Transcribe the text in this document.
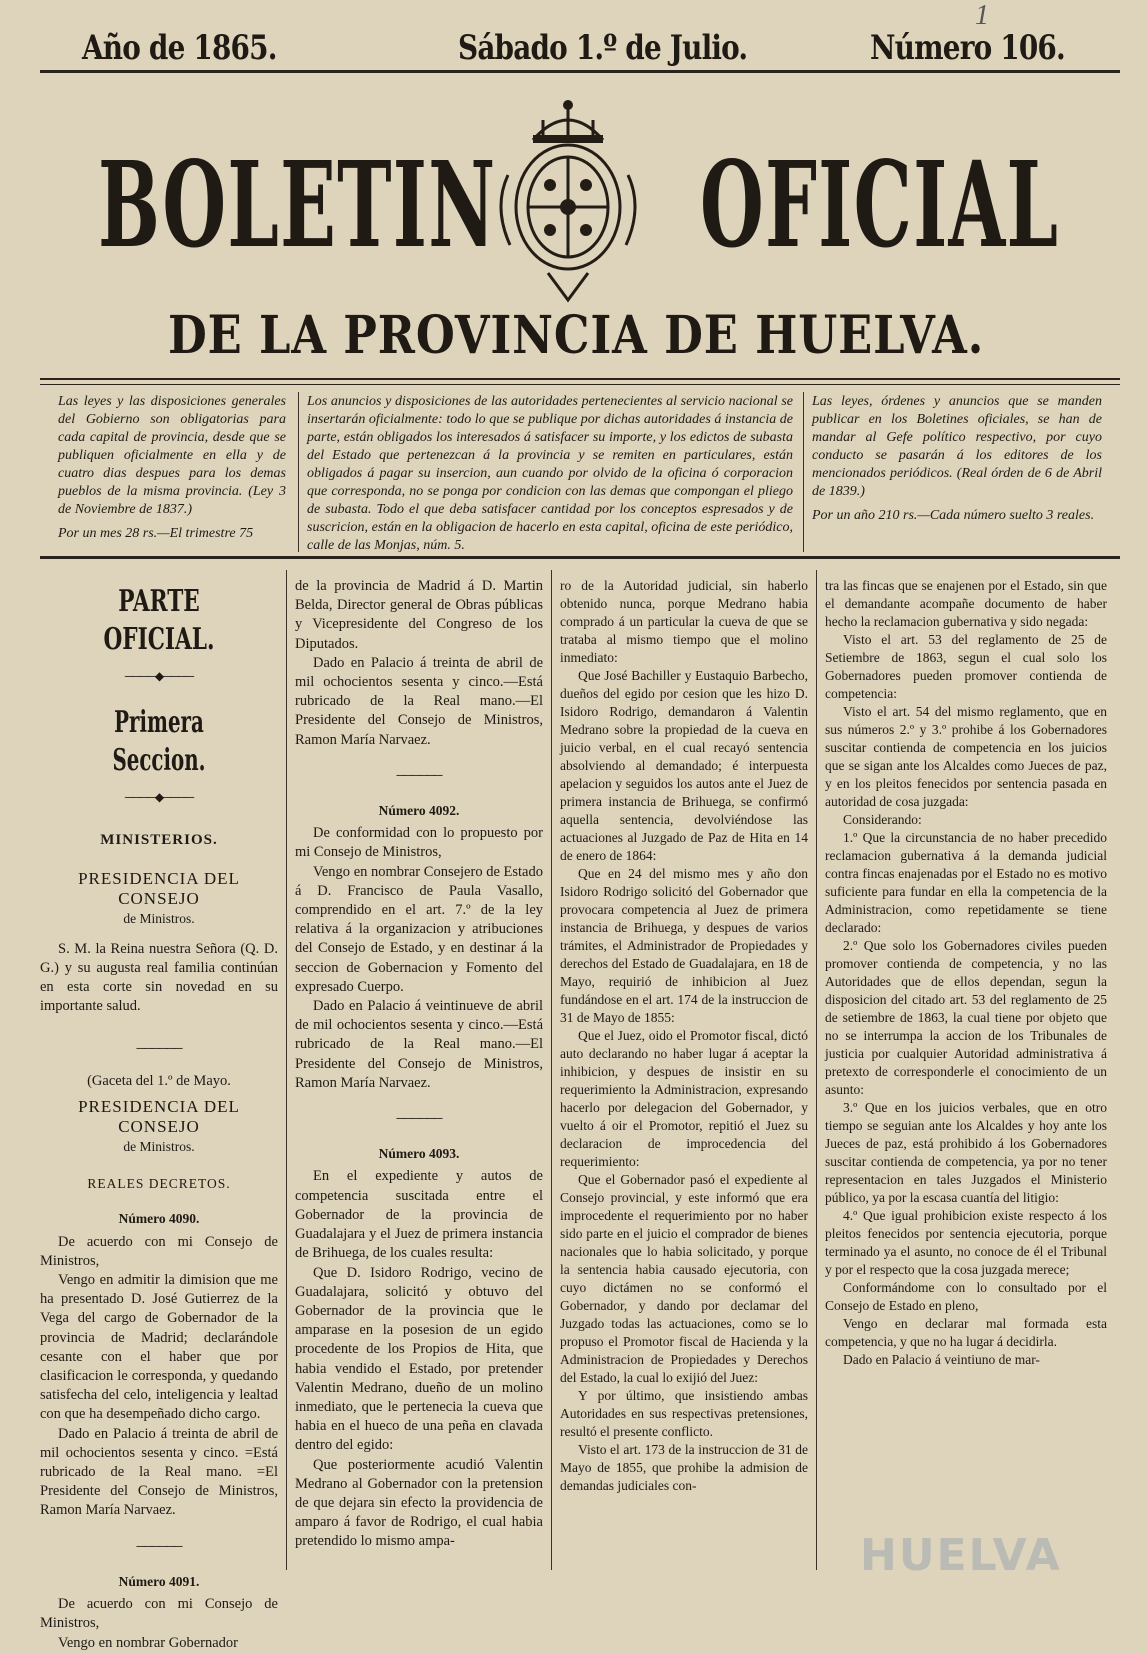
1
Año de 1865.	Sábado 1.º de Julio.	Número 106.
BOLETIN OFICIAL
DE LA PROVINCIA DE HUELVA.

Las leyes y las disposiciones generales del Gobierno son obligatorias para cada capital de provincia, desde que se publiquen oficialmente en ella y de cuatro dias despues para los demas pueblos de la misma provincia. (Ley 3 de Noviembre de 1837.)

Por un mes 28 rs.—El trimestre 75

Los anuncios y disposiciones de las autoridades pertenecientes al servicio nacional se insertarán oficialmente: todo lo que se publique por dichas autoridades á instancia de parte, están obligados los interesados á satisfacer su importe, y los edictos de subasta del Estado que pertenezcan á la provincia y se remiten en particulares, están obligados á pagar su insercion, aun cuando por olvido de la oficina ó corporacion que corresponda, no se ponga por condicion con las demas que compongan el pliego de subasta. Todo el que deba satisfacer cantidad por los conceptos espresados y de suscricion, están en la obligacion de hacerlo en esta capital, oficina de este periódico, calle de las Monjas, núm. 5.

Las leyes, órdenes y anuncios que se manden publicar en los Boletines oficiales, se han de mandar al Gefe político respectivo, por cuyo conducto se pasarán á los editores de los mencionados periódicos. (Real órden de 6 de Abril de 1839.)

Por un año 210 rs.—Cada número suelto 3 reales.

PARTE OFICIAL.
────◆────
Primera Seccion.
────◆────
MINISTERIOS.
PRESIDENCIA DEL CONSEJO
de Ministros.

S. M. la Reina nuestra Señora (Q. D. G.) y su augusta real familia continúan en esta corte sin novedad en su importante salud.

──────

(Gaceta del 1.º de Mayo.

PRESIDENCIA DEL CONSEJO
de Ministros.
REALES DECRETOS.
Número 4090.

De acuerdo con mi Consejo de Ministros,

Vengo en admitir la dimision que me ha presentado D. José Gutierrez de la Vega del cargo de Gobernador de la provincia de Madrid; declarándole cesante con el haber que por clasificacion le corresponda, y quedando satisfecha del celo, inteligencia y lealtad con que ha desempeñado dicho cargo.

Dado en Palacio á treinta de abril de mil ochocientos sesenta y cinco. =Está rubricado de la Real mano. =El Presidente del Consejo de Ministros, Ramon María Narvaez.

──────
Número 4091.

De acuerdo con mi Consejo de Ministros,

Vengo en nombrar Gobernador

de la provincia de Madrid á D. Martin Belda, Director general de Obras públicas y Vicepresidente del Congreso de los Diputados.

Dado en Palacio á treinta de abril de mil ochocientos sesenta y cinco.—Está rubricado de la Real mano.—El Presidente del Consejo de Ministros, Ramon María Narvaez.

──────
Número 4092.

De conformidad con lo propuesto por mi Consejo de Ministros,

Vengo en nombrar Consejero de Estado á D. Francisco de Paula Vasallo, comprendido en el art. 7.º de la ley relativa á la organizacion y atribuciones del Consejo de Estado, y en destinar á la seccion de Gobernacion y Fomento del expresado Cuerpo.

Dado en Palacio á veintinueve de abril de mil ochocientos sesenta y cinco.—Está rubricado de la Real mano.—El Presidente del Consejo de Ministros, Ramon María Narvaez.

──────
Número 4093.

En el expediente y autos de competencia suscitada entre el Gobernador de la provincia de Guadalajara y el Juez de primera instancia de Brihuega, de los cuales resulta:

Que D. Isidoro Rodrigo, vecino de Guadalajara, solicitó y obtuvo del Gobernador de la provincia que le amparase en la posesion de un egido procedente de los Propios de Hita, que habia vendido el Estado, por pretender Valentin Medrano, dueño de un molino inmediato, que le pertenecia la cueva que habia en el hueco de una peña en clavada dentro del egido:

Que posteriormente acudió Valentin Medrano al Gobernador con la pretension de que dejara sin efecto la providencia de amparo á favor de Rodrigo, el cual habia pretendido lo mismo ampa-

ro de la Autoridad judicial, sin haberlo obtenido nunca, porque Medrano habia comprado á un particular la cueva de que se trataba al mismo tiempo que el molino inmediato:

Que José Bachiller y Eustaquio Barbecho, dueños del egido por cesion que les hizo D. Isidoro Rodrigo, demandaron á Valentin Medrano sobre la propiedad de la cueva en juicio verbal, en el cual recayó sentencia absolviendo al demandado; é interpuesta apelacion y seguidos los autos ante el Juez de primera instancia de Brihuega, se confirmó aquella sentencia, devolviéndose las actuaciones al Juzgado de Paz de Hita en 14 de enero de 1864:

Que en 24 del mismo mes y año don Isidoro Rodrigo solicitó del Gobernador que provocara competencia al Juez de primera instancia de Brihuega, y despues de varios trámites, el Administrador de Propiedades y derechos del Estado de Guadalajara, en 18 de Mayo, requirió de inhibicion al Juez fundándose en el art. 174 de la instruccion de 31 de Mayo de 1855:

Que el Juez, oido el Promotor fiscal, dictó auto declarando no haber lugar á aceptar la inhibicion, y despues de insistir en su requerimiento la Administracion, expresando hacerlo por delegacion del Gobernador, y vuelto á oir el Promotor, repitió el Juez su declaracion de improcedencia del requerimiento:

Que el Gobernador pasó el expediente al Consejo provincial, y este informó que era improcedente el requerimiento por no haber sido parte en el juicio el comprador de bienes nacionales que lo habia solicitado, y porque la sentencia habia causado ejecutoria, con cuyo dictámen no se conformó el Gobernador, y dando por declamar del Juzgado todas las actuaciones, como se lo propuso el Promotor fiscal de Hacienda y la Administracion de Propiedades y Derechos del Estado, la cual lo exijió del Juez:

Y por último, que insistiendo ambas Autoridades en sus respectivas pretensiones, resultó el presente conflicto.

Visto el art. 173 de la instruccion de 31 de Mayo de 1855, que prohibe la admision de demandas judiciales con-

tra las fincas que se enajenen por el Estado, sin que el demandante acompañe documento de haber hecho la reclamacion gubernativa y sido negada:

Visto el art. 53 del reglamento de 25 de Setiembre de 1863, segun el cual solo los Gobernadores pueden promover contienda de competencia:

Visto el art. 54 del mismo reglamento, que en sus números 2.º y 3.º prohibe á los Gobernadores suscitar contienda de competencia en los juicios que se sigan ante los Alcaldes como Jueces de paz, y en los pleitos fenecidos por sentencia pasada en autoridad de cosa juzgada:

Considerando:

1.º Que la circunstancia de no haber precedido reclamacion gubernativa á la demanda judicial contra fincas enajenadas por el Estado no es motivo suficiente para fundar en ella la competencia de la Administracion, como repetidamente se tiene declarado:

2.º Que solo los Gobernadores civiles pueden promover contienda de competencia, y no las Autoridades que de ellos dependan, segun la disposicion del citado art. 53 del reglamento de 25 de setiembre de 1863, la cual tiene por objeto que no se interrumpa la accion de los Tribunales de justicia por cualquier Autoridad administrativa á pretexto de corresponderle el conocimiento de un asunto:

3.º Que en los juicios verbales, que en otro tiempo se seguian ante los Alcaldes y hoy ante los Jueces de paz, está prohibido á los Gobernadores suscitar contienda de competencia, ya por no tener representacion en tales Juzgados el Ministerio público, ya por la escasa cuantía del litigio:

4.º Que igual prohibicion existe respecto á los pleitos fenecidos por sentencia ejecutoria, porque terminado ya el asunto, no conoce de él el Tribunal y por el respecto que la cosa juzgada merece;

Conformándome con lo consultado por el Consejo de Estado en pleno,

Vengo en declarar mal formada esta competencia, y que no ha lugar á decidirla.

Dado en Palacio á veintiuno de mar-

HUELVA
